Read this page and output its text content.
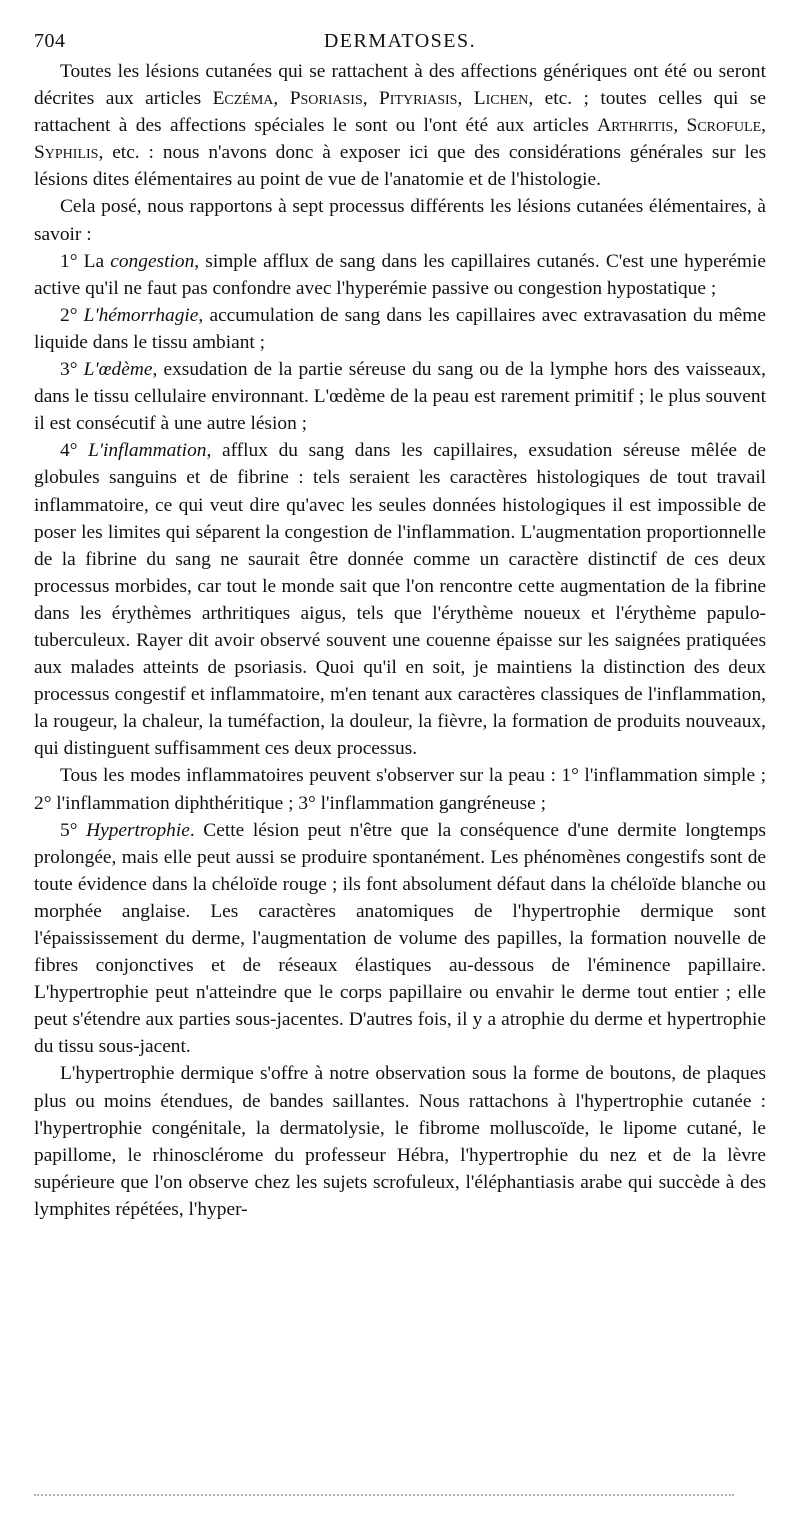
704	DERMATOSES.

Toutes les lésions cutanées qui se rattachent à des affections génériques ont été ou seront décrites aux articles Eczéma, Psoriasis, Pityriasis, Lichen, etc. ; toutes celles qui se rattachent à des affections spéciales le sont ou l'ont été aux articles Arthritis, Scrofule, Syphilis, etc. : nous n'avons donc à exposer ici que des considérations générales sur les lésions dites élémentaires au point de vue de l'anatomie et de l'histologie.

Cela posé, nous rapportons à sept processus différents les lésions cutanées élémentaires, à savoir :

1° La congestion, simple afflux de sang dans les capillaires cutanés. C'est une hyperémie active qu'il ne faut pas confondre avec l'hyperémie passive ou congestion hypostatique ;

2° L'hémorrhagie, accumulation de sang dans les capillaires avec extravasation du même liquide dans le tissu ambiant ;

3° L'œdème, exsudation de la partie séreuse du sang ou de la lymphe hors des vaisseaux, dans le tissu cellulaire environnant. L'œdème de la peau est rarement primitif ; le plus souvent il est consécutif à une autre lésion ;

4° L'inflammation, afflux du sang dans les capillaires, exsudation séreuse mêlée de globules sanguins et de fibrine : tels seraient les caractères histologiques de tout travail inflammatoire, ce qui veut dire qu'avec les seules données histologiques il est impossible de poser les limites qui séparent la congestion de l'inflammation. L'augmentation proportionnelle de la fibrine du sang ne saurait être donnée comme un caractère distinctif de ces deux processus morbides, car tout le monde sait que l'on rencontre cette augmentation de la fibrine dans les érythèmes arthritiques aigus, tels que l'érythème noueux et l'érythème papulo-tuberculeux. Rayer dit avoir observé souvent une couenne épaisse sur les saignées pratiquées aux malades atteints de psoriasis. Quoi qu'il en soit, je maintiens la distinction des deux processus congestif et inflammatoire, m'en tenant aux caractères classiques de l'inflammation, la rougeur, la chaleur, la tuméfaction, la douleur, la fièvre, la formation de produits nouveaux, qui distinguent suffisamment ces deux processus.

Tous les modes inflammatoires peuvent s'observer sur la peau : 1° l'inflammation simple ; 2° l'inflammation diphthéritique ; 3° l'inflammation gangréneuse ;

5° Hypertrophie. Cette lésion peut n'être que la conséquence d'une dermite longtemps prolongée, mais elle peut aussi se produire spontanément. Les phénomènes congestifs sont de toute évidence dans la chéloïde rouge ; ils font absolument défaut dans la chéloïde blanche ou morphée anglaise. Les caractères anatomiques de l'hypertrophie dermique sont l'épaississement du derme, l'augmentation de volume des papilles, la formation nouvelle de fibres conjonctives et de réseaux élastiques au-dessous de l'éminence papillaire. L'hypertrophie peut n'atteindre que le corps papillaire ou envahir le derme tout entier ; elle peut s'étendre aux parties sous-jacentes. D'autres fois, il y a atrophie du derme et hypertrophie du tissu sous-jacent.

L'hypertrophie dermique s'offre à notre observation sous la forme de boutons, de plaques plus ou moins étendues, de bandes saillantes. Nous rattachons à l'hypertrophie cutanée : l'hypertrophie congénitale, la dermatolysie, le fibrome molluscoïde, le lipome cutané, le papillome, le rhinosclérome du professeur Hébra, l'hypertrophie du nez et de la lèvre supérieure que l'on observe chez les sujets scrofuleux, l'éléphantiasis arabe qui succède à des lymphites répétées, l'hyper-
